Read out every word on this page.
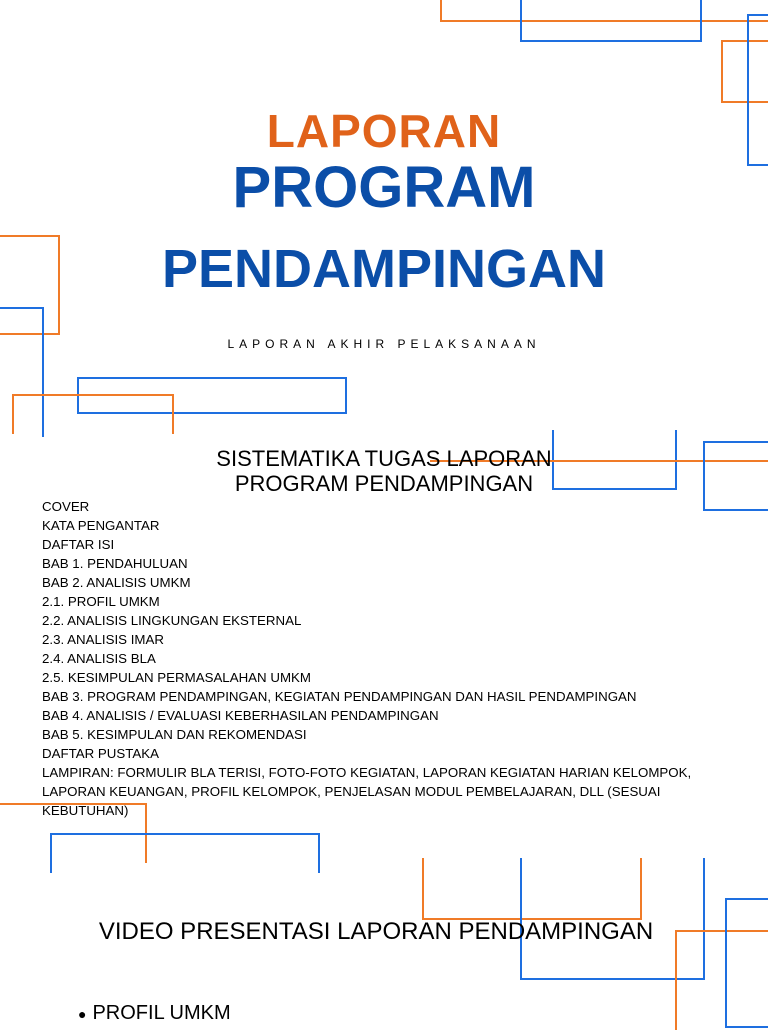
LAPORAN
PROGRAM
PENDAMPINGAN
LAPORAN AKHIR PELAKSANAAN
SISTEMATIKA TUGAS LAPORAN
PROGRAM PENDAMPINGAN
COVER
KATA PENGANTAR
DAFTAR ISI
BAB 1. PENDAHULUAN
BAB 2. ANALISIS UMKM
2.1. PROFIL UMKM
2.2. ANALISIS LINGKUNGAN EKSTERNAL
2.3. ANALISIS IMAR
2.4. ANALISIS BLA
2.5. KESIMPULAN PERMASALAHAN UMKM
BAB 3. PROGRAM PENDAMPINGAN, KEGIATAN PENDAMPINGAN DAN HASIL PENDAMPINGAN
BAB 4. ANALISIS / EVALUASI KEBERHASILAN PENDAMPINGAN
BAB 5. KESIMPULAN DAN REKOMENDASI
DAFTAR PUSTAKA
LAMPIRAN: FORMULIR BLA TERISI, FOTO-FOTO KEGIATAN, LAPORAN KEGIATAN HARIAN KELOMPOK, LAPORAN KEUANGAN, PROFIL KELOMPOK, PENJELASAN MODUL PEMBELAJARAN, DLL (SESUAI KEBUTUHAN)
VIDEO PRESENTASI LAPORAN PENDAMPINGAN
● PROFIL UMKM
